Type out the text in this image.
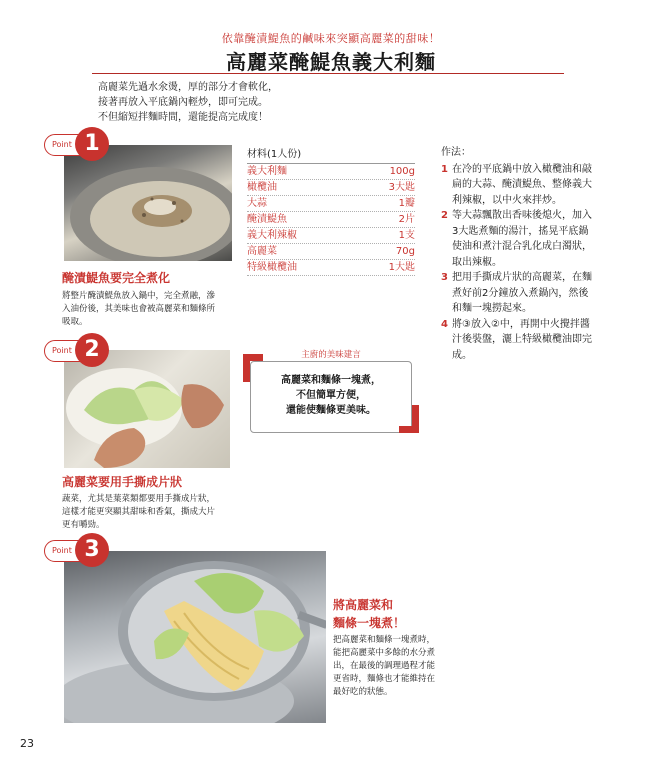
依靠醃漬鯷魚的鹹味來突顯高麗菜的甜味！
高麗菜醃鯷魚義大利麵
高麗菜先過水氽燙，厚的部分才會軟化，
接著再放入平底鍋內輕炒，即可完成。
不但縮短拌麵時間，還能提高完成度！
Point 1
Point 2
Point 3
醃漬鯷魚要完全煮化
將整片醃漬鯷魚放入鍋中，完全煮融，滲
入油份後，其美味也會被高麗菜和麵條所
吸取。
高麗菜要用手撕成片狀
蔬菜，尤其是葉菜類都要用手撕成片狀，
這樣才能更突顯其甜味和香氣，撕成大片
更有嚼勁。
將高麗菜和
麵條一塊煮！
把高麗菜和麵條一塊煮時，
能把高麗菜中多餘的水分煮
出，在最後的調理過程才能
更省時，麵條也才能維持在
最好吃的狀態。
材料(1人份)
義大利麵	100g
橄欖油	3大匙
大蒜	1瓣
醃漬鯷魚	2片
義大利辣椒	1支
高麗菜	70g
特級橄欖油	1大匙
作法：
1 在冷的平底鍋中放入橄欖油和敲
扁的大蒜、醃漬鯷魚、整條義大
利辣椒，以中火來拌炒。
2 等大蒜飄散出香味後熄火，加入
3大匙煮麵的湯汁，搖晃平底鍋
使油和煮汁混合乳化成白濁狀，
取出辣椒。
3 把用手撕成片狀的高麗菜，在麵
煮好前2分鐘放入煮鍋內，然後
和麵一塊撈起來。
4 將③放入②中，再開中火攪拌醬
汁後裝盤，灑上特級橄欖油即完
成。
主廚的美味建言
高麗菜和麵條一塊煮，
不但簡單方便，
還能使麵條更美味。
23
